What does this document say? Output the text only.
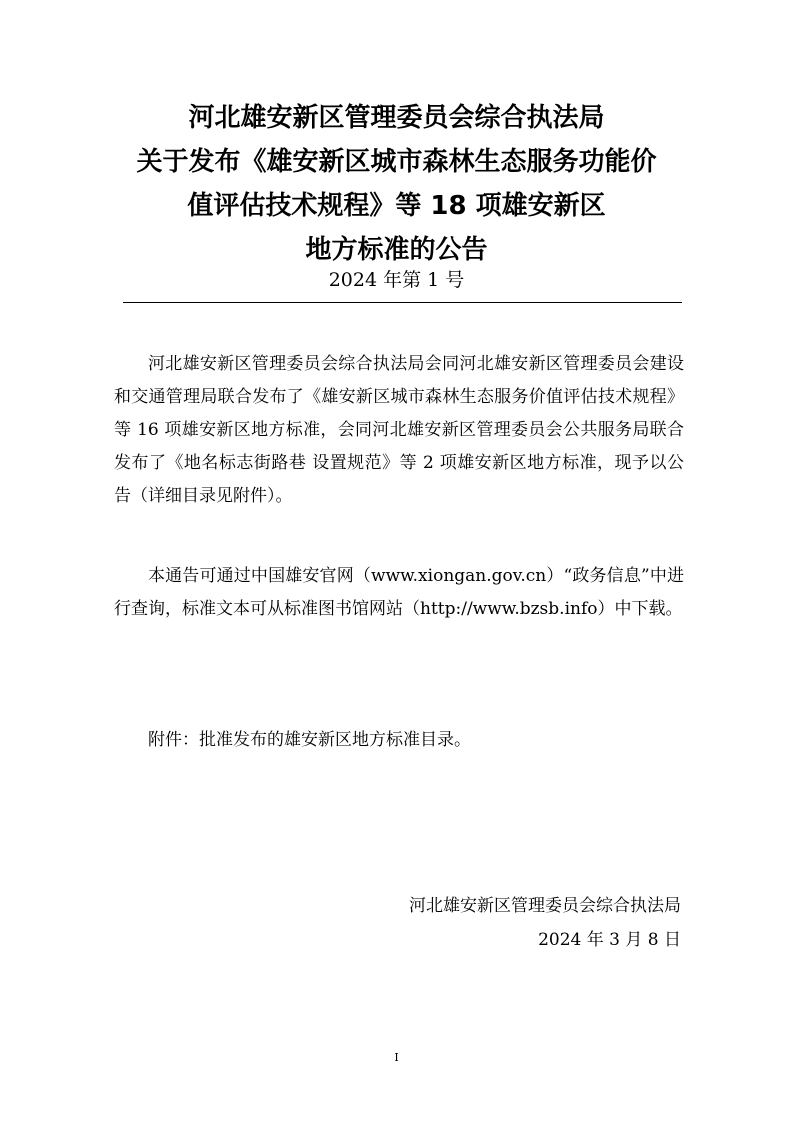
河北雄安新区管理委员会综合执法局
关于发布《雄安新区城市森林生态服务功能价
值评估技术规程》等 18 项雄安新区
地方标准的公告
2024 年第 1 号
河北雄安新区管理委员会综合执法局会同河北雄安新区管理委员会建设和交通管理局联合发布了《雄安新区城市森林生态服务价值评估技术规程》等 16 项雄安新区地方标准，会同河北雄安新区管理委员会公共服务局联合发布了《地名标志街路巷 设置规范》等 2 项雄安新区地方标准，现予以公告（详细目录见附件）。
本通告可通过中国雄安官网（www.xiongan.gov.cn）“政务信息”中进行查询，标准文本可从标准图书馆网站（http://www.bzsb.info）中下载。
附件：批准发布的雄安新区地方标准目录。
河北雄安新区管理委员会综合执法局
2024 年 3 月 8 日
I
